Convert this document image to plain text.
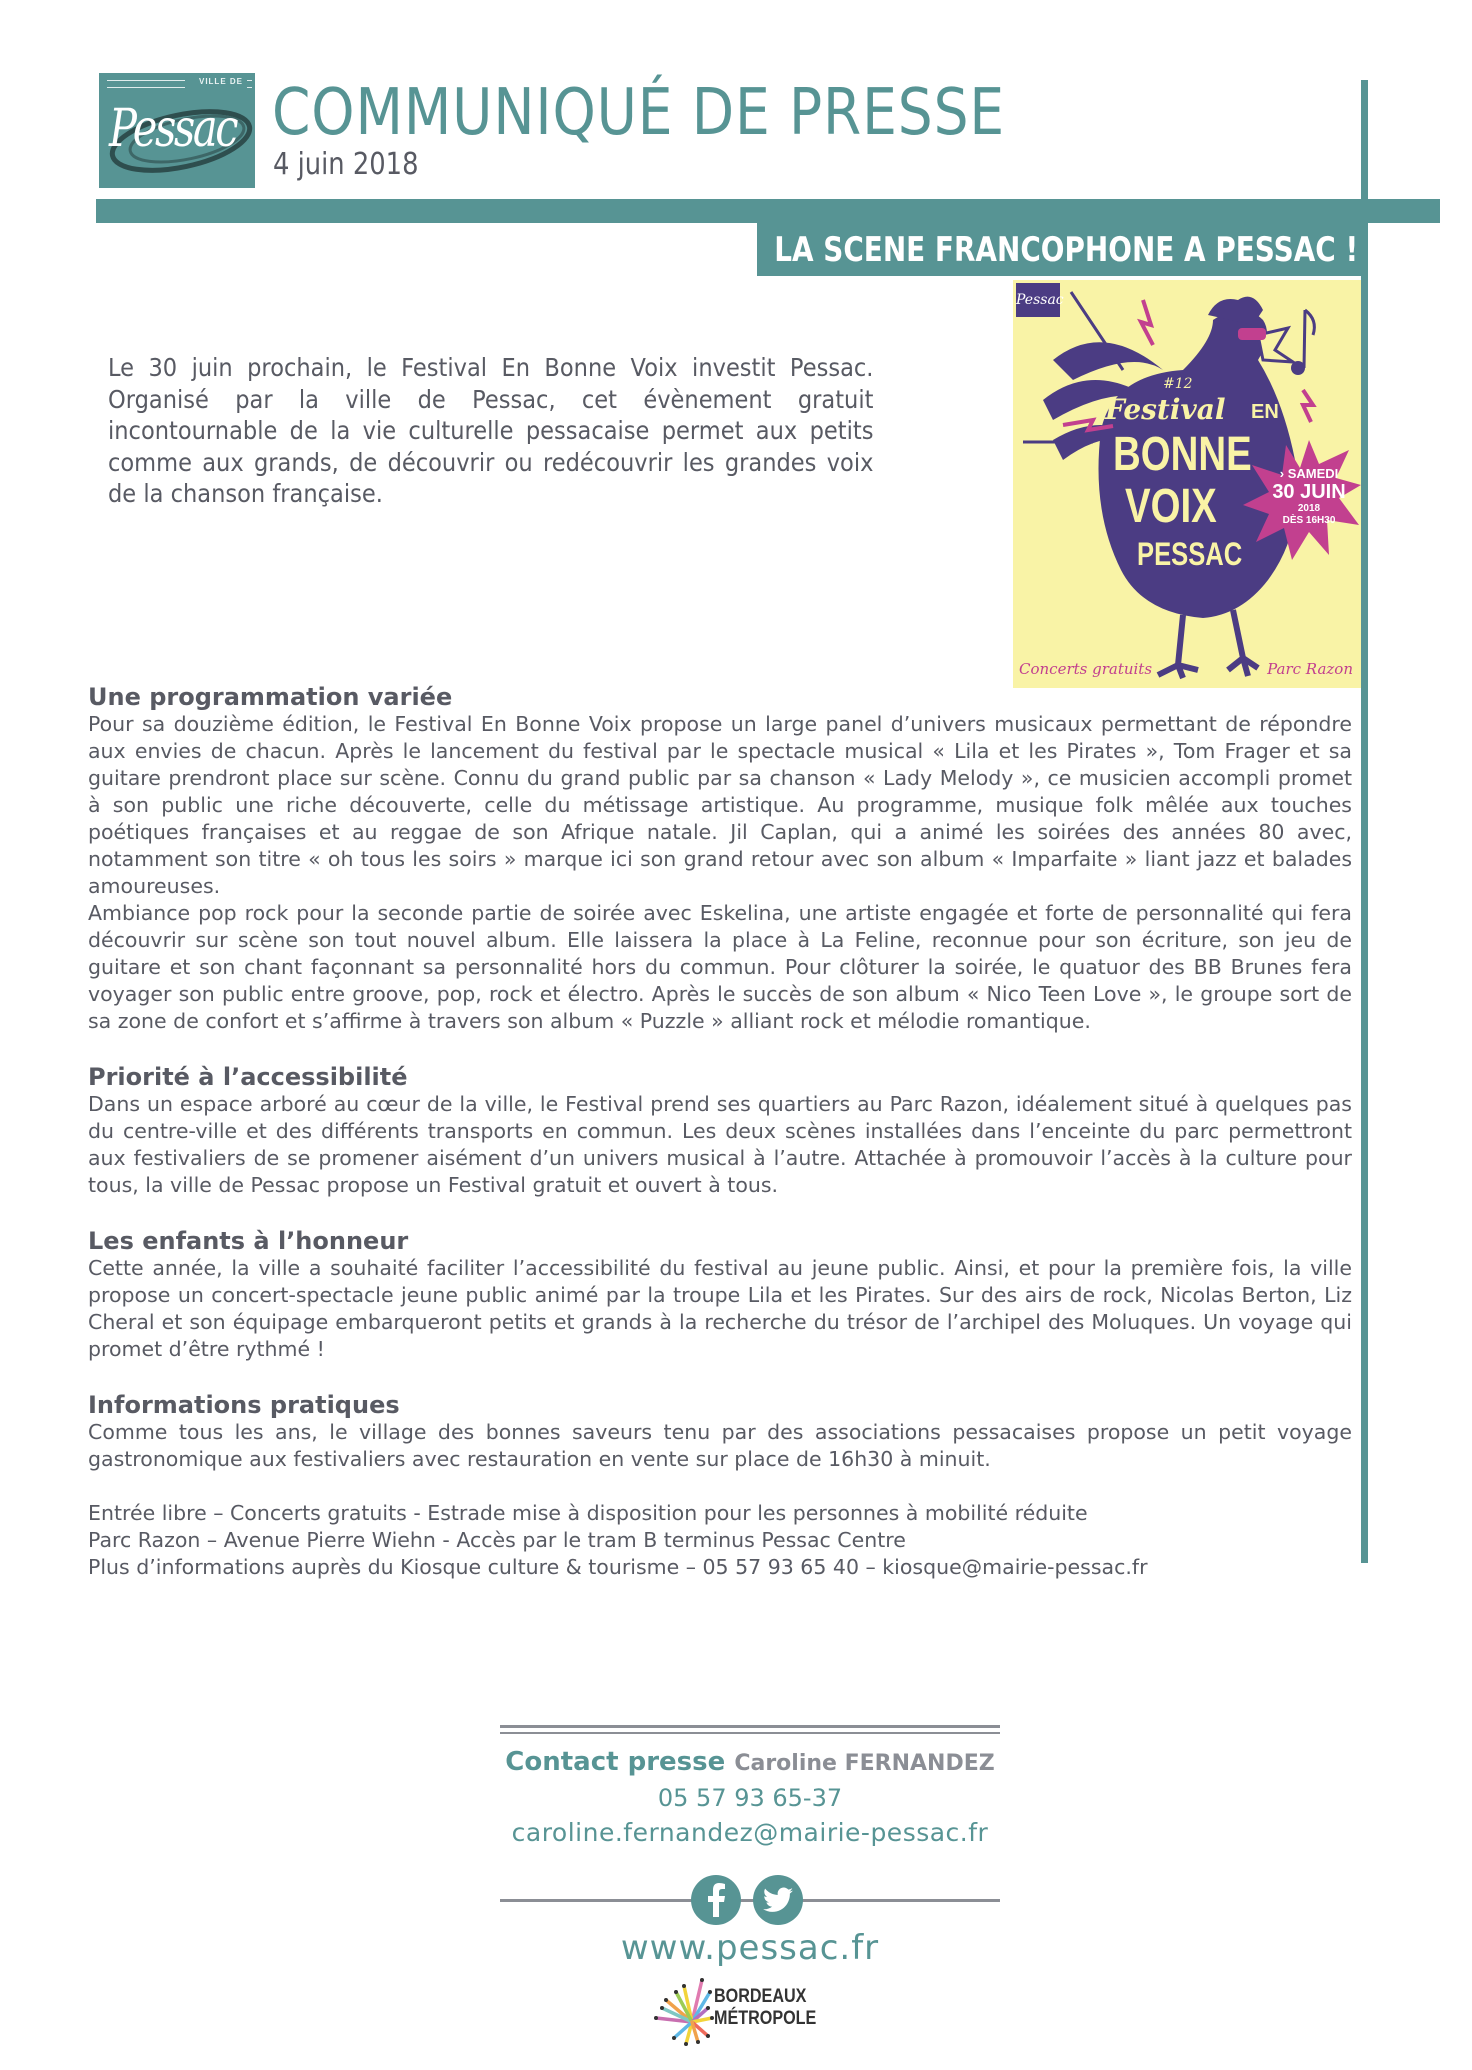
VILLE DE
Pessac COMMUNIQUÉ DE PRESSE
4 juin 2018
LA SCENE FRANCOPHONE A PESSAC !
Pessac
#12
Festival EN
BONNE
VOIX
PESSAC
› SAMEDI
30 JUIN
2018
DÈS 16H30
Concerts gratuits	Parc Razon
Le 30 juin prochain, le Festival En Bonne Voix investit Pessac. Organisé par la ville de Pessac, cet évènement gratuit incontournable de la vie culturelle pessacaise permet aux petits comme aux grands, de découvrir ou redécouvrir les grandes voix de la chanson française.
Une programmation variée

Pour sa douzième édition, le Festival En Bonne Voix propose un large panel d’univers musicaux permettant de répondre aux envies de chacun. Après le lancement du festival par le spectacle musical « Lila et les Pirates », Tom Frager et sa guitare prendront place sur scène. Connu du grand public par sa chanson « Lady Melody », ce musicien accompli promet à son public une riche découverte, celle du métissage artistique. Au programme, musique folk mêlée aux touches poétiques françaises et au reggae de son Afrique natale. Jil Caplan, qui a animé les soirées des années 80 avec, notamment son titre « oh tous les soirs » marque ici son grand retour avec son album « Imparfaite » liant jazz et balades amoureuses.

Ambiance pop rock pour la seconde partie de soirée avec Eskelina, une artiste engagée et forte de personnalité qui fera découvrir sur scène son tout nouvel album. Elle laissera la place à La Feline, reconnue pour son écriture, son jeu de guitare et son chant façonnant sa personnalité hors du commun. Pour clôturer la soirée, le quatuor des BB Brunes fera voyager son public entre groove, pop, rock et électro. Après le succès de son album « Nico Teen Love », le groupe sort de sa zone de confort et s’affirme à travers son album « Puzzle » alliant rock et mélodie romantique.

Priorité à l’accessibilité

Dans un espace arboré au cœur de la ville, le Festival prend ses quartiers au Parc Razon, idéalement situé à quelques pas du centre-ville et des différents transports en commun. Les deux scènes installées dans l’enceinte du parc permettront aux festivaliers de se promener aisément d’un univers musical à l’autre. Attachée à promouvoir l’accès à la culture pour tous, la ville de Pessac propose un Festival gratuit et ouvert à tous.

Les enfants à l’honneur

Cette année, la ville a souhaité faciliter l’accessibilité du festival au jeune public. Ainsi, et pour la première fois, la ville propose un concert-spectacle jeune public animé par la troupe Lila et les Pirates. Sur des airs de rock, Nicolas Berton, Liz Cheral et son équipage embarqueront petits et grands à la recherche du trésor de l’archipel des Moluques. Un voyage qui promet d’être rythmé !

Informations pratiques

Comme tous les ans, le village des bonnes saveurs tenu par des associations pessacaises propose un petit voyage gastronomique aux festivaliers avec restauration en vente sur place de 16h30 à minuit.

Entrée libre – Concerts gratuits - Estrade mise à disposition pour les personnes à mobilité réduite
Parc Razon – Avenue Pierre Wiehn - Accès par le tram B terminus Pessac Centre
Plus d’informations auprès du Kiosque culture & tourisme – 05 57 93 65 40 – kiosque@mairie-pessac.fr
Contact presse Caroline FERNANDEZ
05 57 93 65-37
caroline.fernandez@mairie-pessac.fr
www.pessac.fr
BORDEAUX
MÉTROPOLE
